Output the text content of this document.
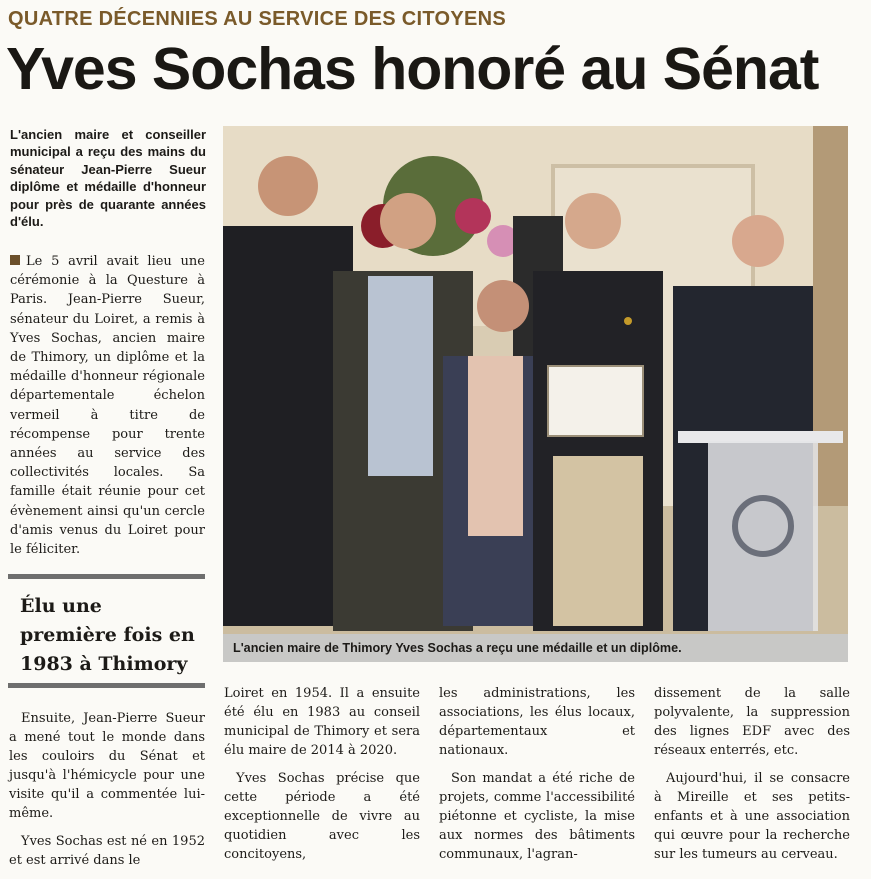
QUATRE DÉCENNIES AU SERVICE DES CITOYENS
Yves Sochas honoré au Sénat
L'ancien maire et conseiller municipal a reçu des mains du sénateur Jean-Pierre Sueur diplôme et médaille d'honneur pour près de quarante années d'élu.
Le 5 avril avait lieu une cérémonie à la Questure à Paris. Jean-Pierre Sueur, sénateur du Loiret, a remis à Yves Sochas, ancien maire de Thimory, un diplôme et la médaille d'honneur régionale départementale échelon vermeil à titre de récompense pour trente années au service des collectivités locales. Sa famille était réunie pour cet évènement ainsi qu'un cercle d'amis venus du Loiret pour le féliciter.
Élu une première fois en 1983 à Thimory
L'ancien maire de Thimory Yves Sochas a reçu une médaille et un diplôme.

Ensuite, Jean-Pierre Sueur a mené tout le monde dans les couloirs du Sénat et jusqu'à l'hémicycle pour une visite qu'il a commentée lui-même.

Yves Sochas est né en 1952 et est arrivé dans le

Loiret en 1954. Il a ensuite été élu en 1983 au conseil municipal de Thimory et sera élu maire de 2014 à 2020.

Yves Sochas précise que cette période a été exceptionnelle de vivre au quotidien avec les concitoyens,

les administrations, les associations, les élus locaux, départementaux et nationaux.

Son mandat a été riche de projets, comme l'accessibilité piétonne et cycliste, la mise aux normes des bâtiments communaux, l'agran-

dissement de la salle polyvalente, la suppression des lignes EDF avec des réseaux enterrés, etc.

Aujourd'hui, il se consacre à Mireille et ses petits-enfants et à une association qui œuvre pour la recherche sur les tumeurs au cerveau.
